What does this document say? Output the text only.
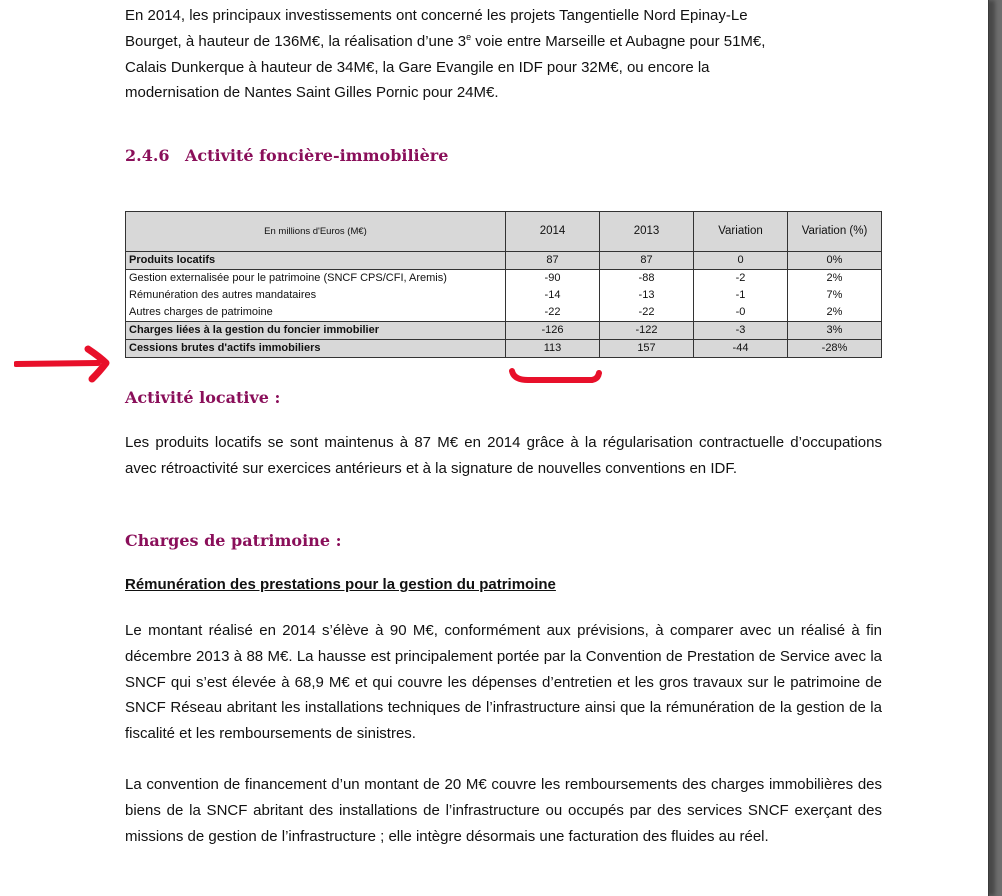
En 2014, les principaux investissements ont concerné les projets Tangentielle Nord Epinay-Le
Bourget, à hauteur de 136M€, la réalisation d’une 3e voie entre Marseille et Aubagne pour 51M€,
Calais Dunkerque à hauteur de 34M€, la Gare Evangile en IDF pour 32M€, ou encore la
modernisation de Nantes Saint Gilles Pornic pour 24M€.

2.4.6 Activité foncière-immobilière
En millions d'Euros (M€)	2014	2013	Variation	Variation (%)
Produits locatifs	87	87	0	0%
Gestion externalisée pour le patrimoine (SNCF CPS/CFI, Aremis)	-90	-88	-2	2%
Rémunération des autres mandataires	-14	-13	-1	7%
Autres charges de patrimoine	-22	-22	-0	2%
Charges liées à la gestion du foncier immobilier	-126	-122	-3	3%
Cessions brutes d'actifs immobiliers	113	157	-44	-28%
Activité locative :

Les produits locatifs se sont maintenus à 87 M€ en 2014 grâce à la régularisation contractuelle d’occupations avec rétroactivité sur exercices antérieurs et à la signature de nouvelles conventions en IDF.

Charges de patrimoine :
Rémunération des prestations pour la gestion du patrimoine

Le montant réalisé en 2014 s’élève à 90 M€, conformément aux prévisions, à comparer avec un réalisé à fin décembre 2013 à 88 M€. La hausse est principalement portée par la Convention de Prestation de Service avec la SNCF qui s’est élevée à 68,9 M€ et qui couvre les dépenses d’entretien et les gros travaux sur le patrimoine de SNCF Réseau abritant les installations techniques de l’infrastructure ainsi que la rémunération de la gestion de la fiscalité et les remboursements de sinistres.

La convention de financement d’un montant de 20 M€ couvre les remboursements des charges immobilières des biens de la SNCF abritant des installations de l’infrastructure ou occupés par des services SNCF exerçant des missions de gestion de l’infrastructure ; elle intègre désormais une facturation des fluides au réel.
